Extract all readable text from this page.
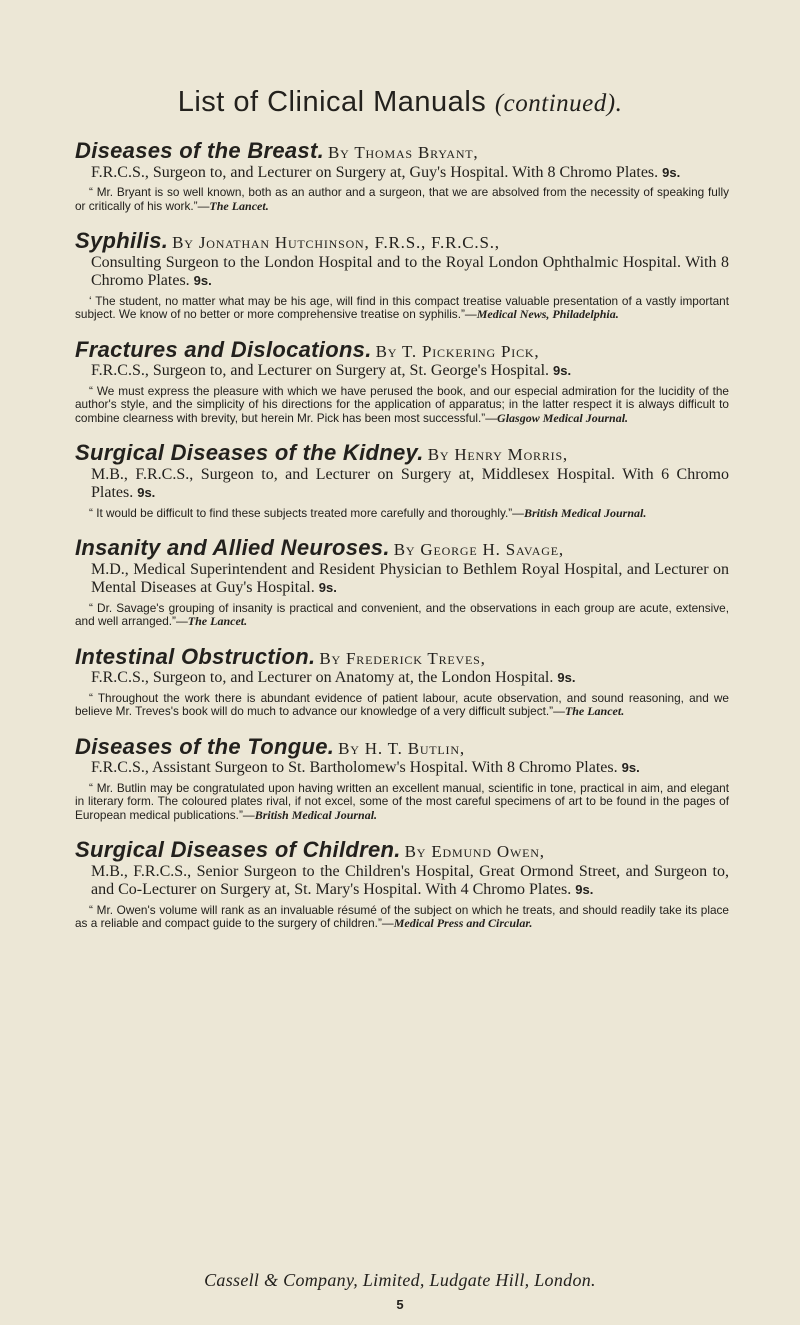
List of Clinical Manuals (continued).
Diseases of the Breast. By Thomas Bryant,
F.R.C.S., Surgeon to, and Lecturer on Surgery at, Guy's Hospital. With 8 Chromo Plates. 9s.
“ Mr. Bryant is so well known, both as an author and a surgeon, that we are absolved from the necessity of speaking fully or critically of his work.”—The Lancet.
Syphilis. By Jonathan Hutchinson, F.R.S., F.R.C.S.,
Consulting Surgeon to the London Hospital and to the Royal London Ophthalmic Hospital. With 8 Chromo Plates. 9s.
‘ The student, no matter what may be his age, will find in this compact treatise valuable presentation of a vastly important subject. We know of no better or more comprehensive treatise on syphilis.”—Medical News, Philadelphia.
Fractures and Dislocations. By T. Pickering Pick,
F.R.C.S., Surgeon to, and Lecturer on Surgery at, St. George's Hospital. 9s.
“ We must express the pleasure with which we have perused the book, and our especial admiration for the lucidity of the author's style, and the simplicity of his directions for the application of apparatus; in the latter respect it is always difficult to combine clearness with brevity, but herein Mr. Pick has been most successful.”—Glasgow Medical Journal.
Surgical Diseases of the Kidney. By Henry Morris,
M.B., F.R.C.S., Surgeon to, and Lecturer on Surgery at, Middlesex Hospital. With 6 Chromo Plates. 9s.
“ It would be difficult to find these subjects treated more carefully and thoroughly.”—British Medical Journal.
Insanity and Allied Neuroses. By George H. Savage,
M.D., Medical Superintendent and Resident Physician to Bethlem Royal Hospital, and Lecturer on Mental Diseases at Guy's Hospital. 9s.
“ Dr. Savage's grouping of insanity is practical and convenient, and the observations in each group are acute, extensive, and well arranged.”—The Lancet.
Intestinal Obstruction. By Frederick Treves,
F.R.C.S., Surgeon to, and Lecturer on Anatomy at, the London Hospital. 9s.
“ Throughout the work there is abundant evidence of patient labour, acute observation, and sound reasoning, and we believe Mr. Treves's book will do much to advance our knowledge of a very difficult subject.”—The Lancet.
Diseases of the Tongue. By H. T. Butlin,
F.R.C.S., Assistant Surgeon to St. Bartholomew's Hospital. With 8 Chromo Plates. 9s.
“ Mr. Butlin may be congratulated upon having written an excellent manual, scientific in tone, practical in aim, and elegant in literary form. The coloured plates rival, if not excel, some of the most careful specimens of art to be found in the pages of European medical publications.”—British Medical Journal.
Surgical Diseases of Children. By Edmund Owen,
M.B., F.R.C.S., Senior Surgeon to the Children's Hospital, Great Ormond Street, and Surgeon to, and Co-Lecturer on Surgery at, St. Mary's Hospital. With 4 Chromo Plates. 9s.
“ Mr. Owen's volume will rank as an invaluable résumé of the subject on which he treats, and should readily take its place as a reliable and compact guide to the surgery of children.”—Medical Press and Circular.
Cassell & Company, Limited, Ludgate Hill, London.
5
